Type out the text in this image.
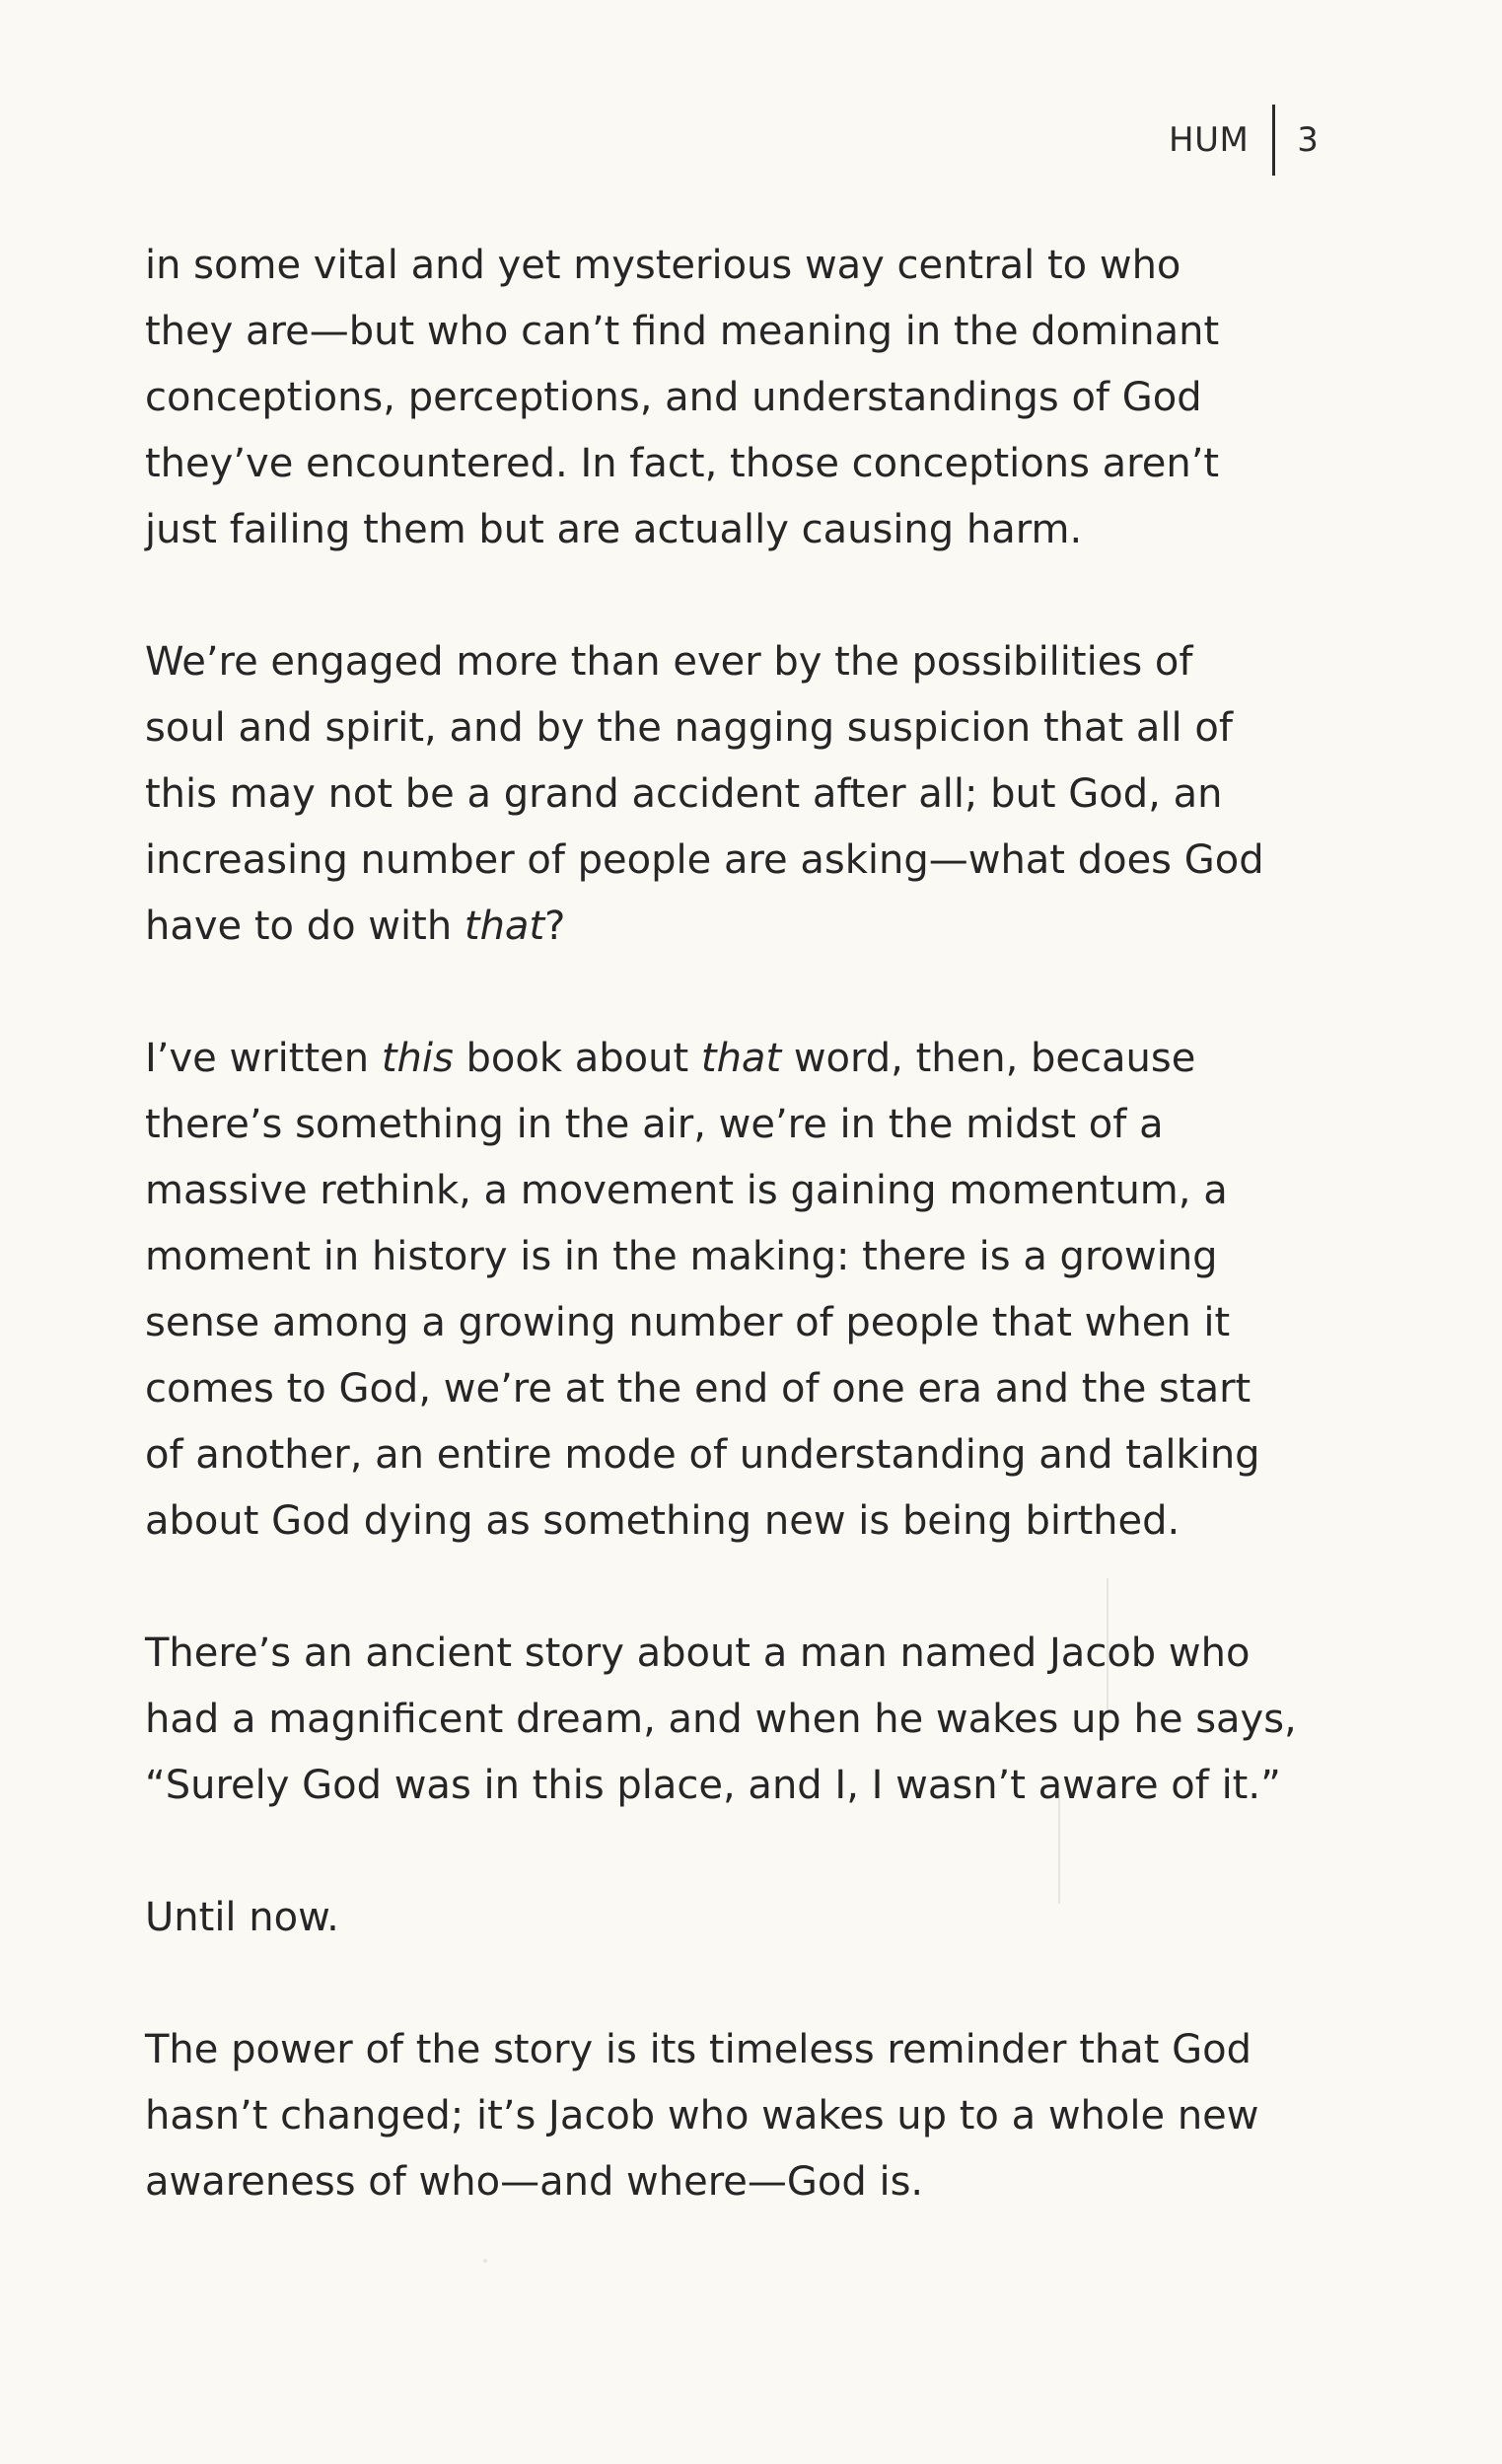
HUM 3
in some vital and yet mysterious way central to who
they are—but who can’t find meaning in the dominant
conceptions, perceptions, and understandings of God
they’ve encountered. In fact, those conceptions aren’t
just failing them but are actually causing harm.
We’re engaged more than ever by the possibilities of
soul and spirit, and by the nagging suspicion that all of
this may not be a grand accident after all; but God, an
increasing number of people are asking—what does God
have to do with that?
I’ve written this book about that word, then, because
there’s something in the air, we’re in the midst of a
massive rethink, a movement is gaining momentum, a
moment in history is in the making: there is a growing
sense among a growing number of people that when it
comes to God, we’re at the end of one era and the start
of another, an entire mode of understanding and talking
about God dying as something new is being birthed.
There’s an ancient story about a man named Jacob who
had a magnificent dream, and when he wakes up he says,
“Surely God was in this place, and I, I wasn’t aware of it.”
Until now.
The power of the story is its timeless reminder that God
hasn’t changed; it’s Jacob who wakes up to a whole new
awareness of who—and where—God is.
